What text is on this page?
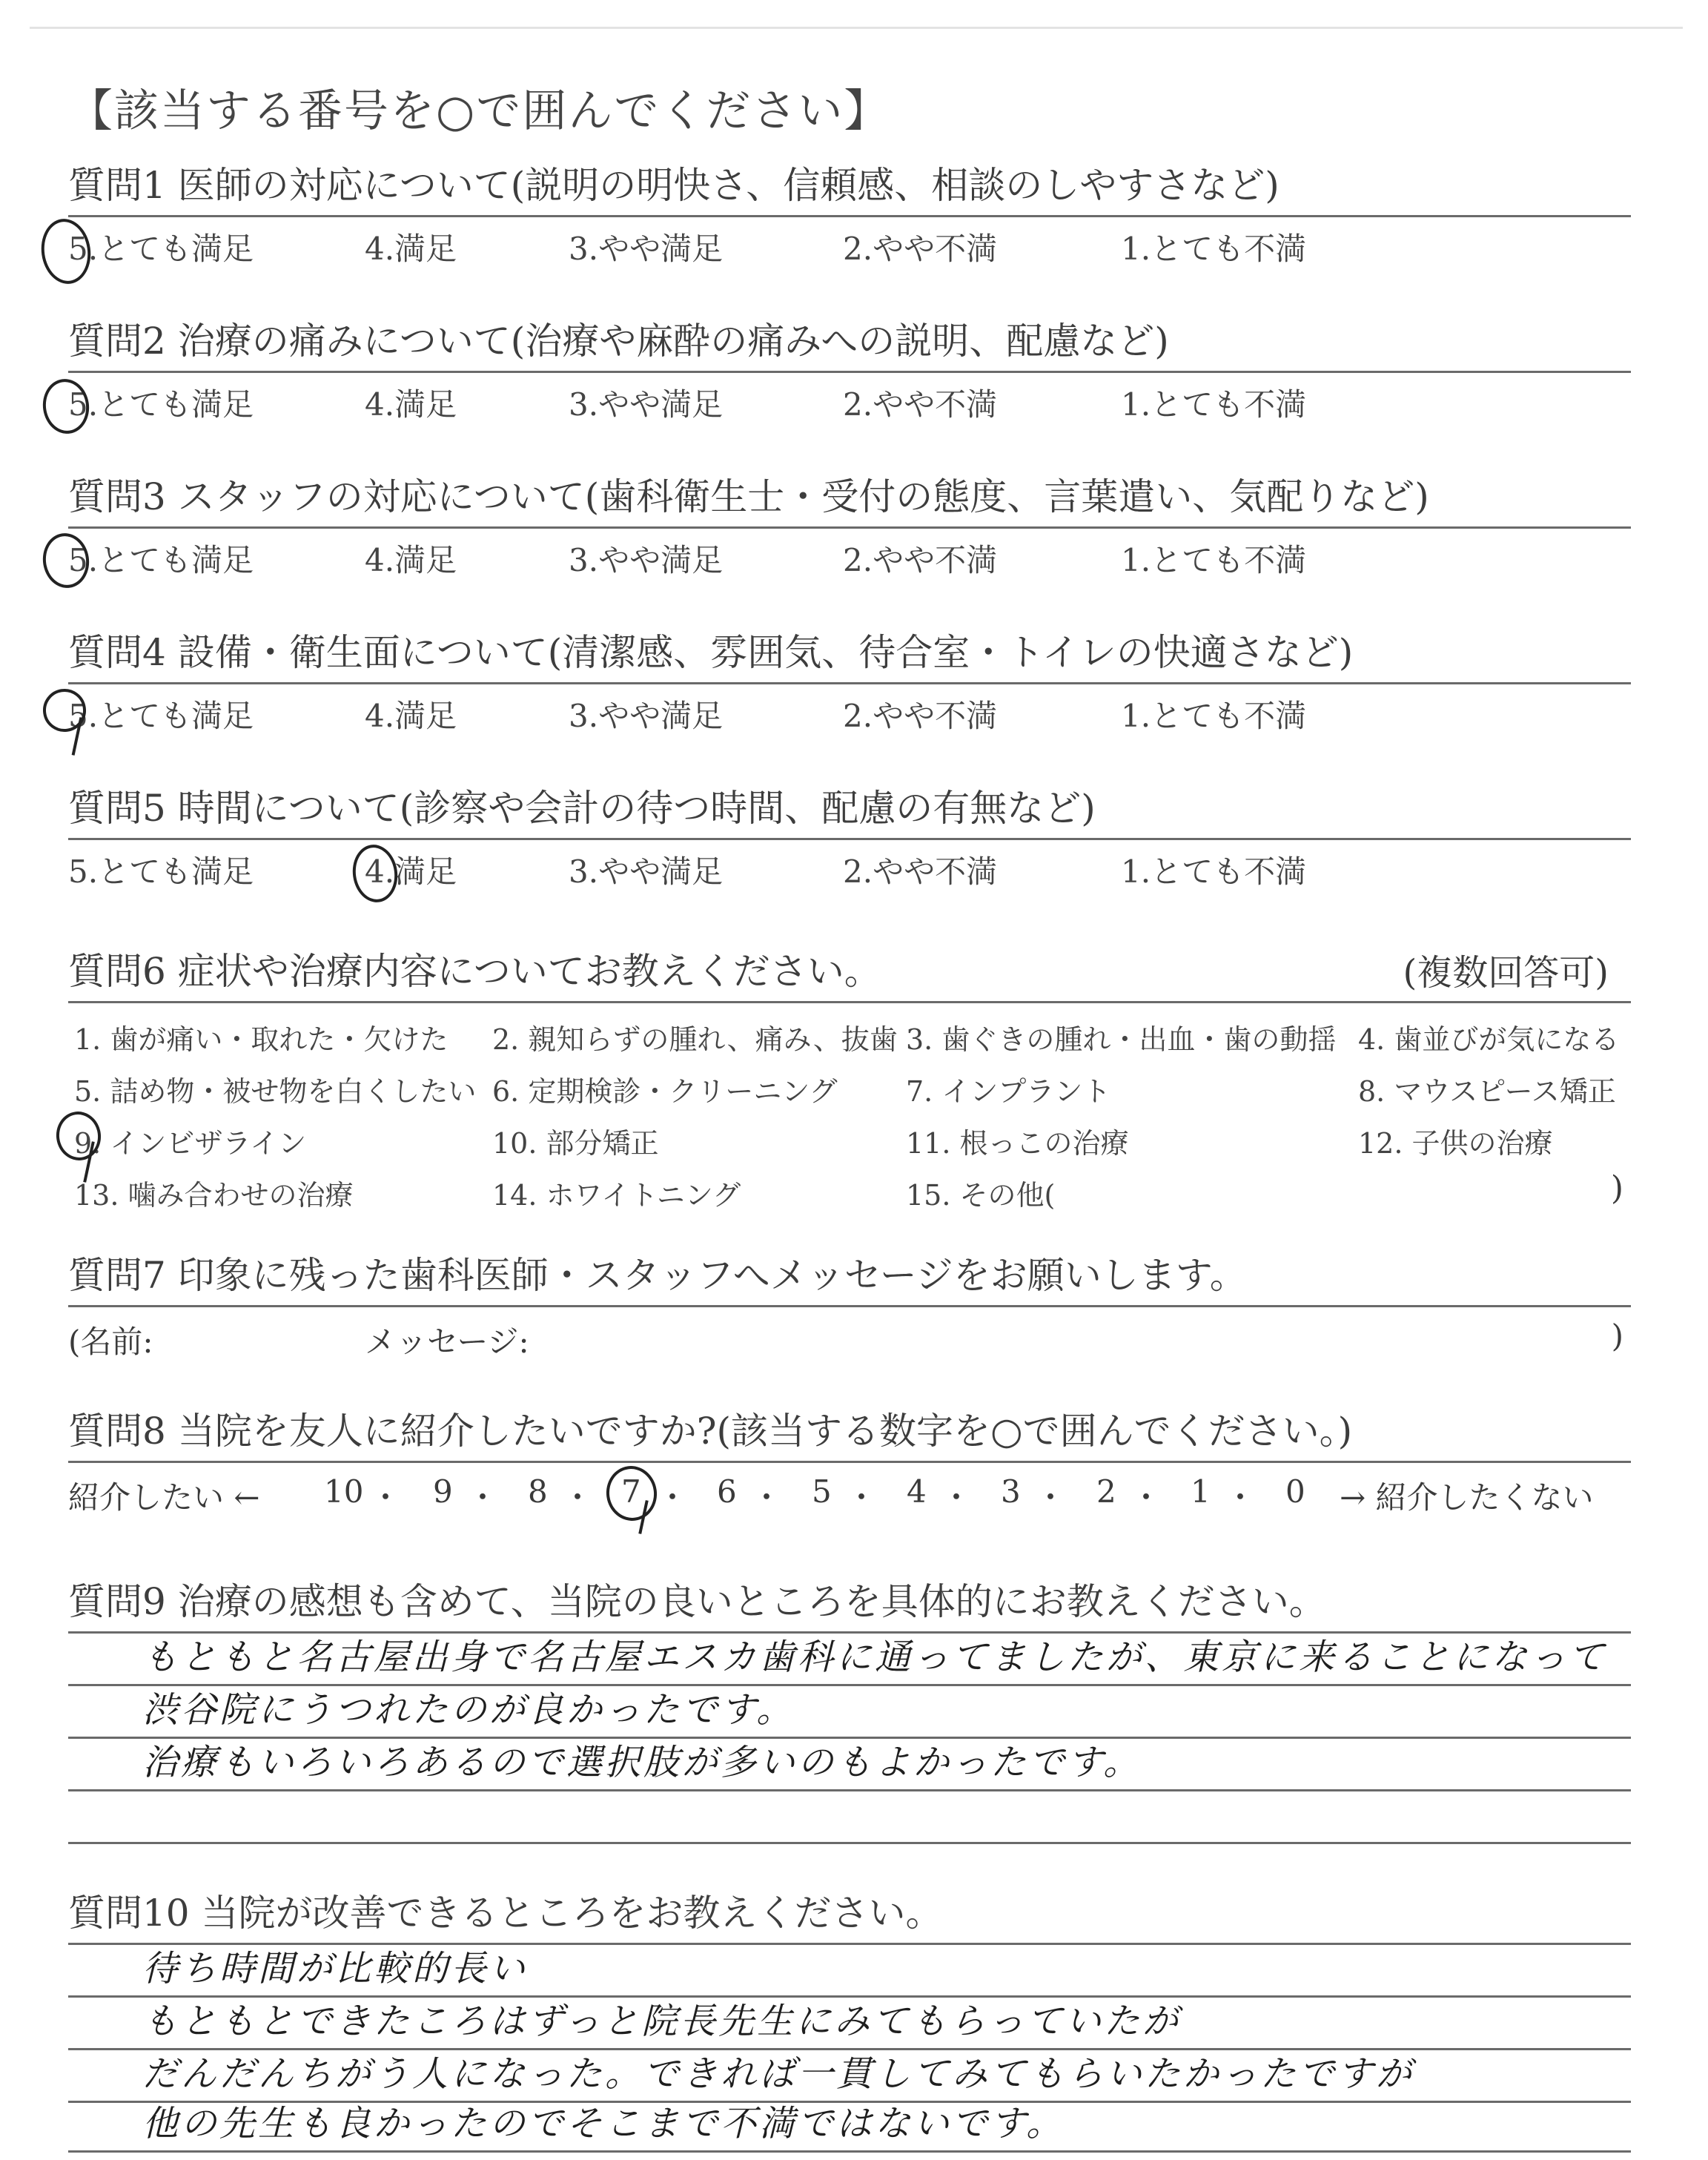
【該当する番号を○で囲んでください】
質問1 医師の対応について(説明の明快さ、信頼感、相談のしやすさなど)
5.とても満足	4.満足	3.やや満足	2.やや不満	1.とても不満
質問2 治療の痛みについて(治療や麻酔の痛みへの説明、配慮など)
5.とても満足	4.満足	3.やや満足	2.やや不満	1.とても不満
質問3 スタッフの対応について(歯科衛生士・受付の態度、言葉遣い、気配りなど)
5.とても満足	4.満足	3.やや満足	2.やや不満	1.とても不満
質問4 設備・衛生面について(清潔感、雰囲気、待合室・トイレの快適さなど)
5.とても満足	4.満足	3.やや満足	2.やや不満	1.とても不満
質問5 時間について(診察や会計の待つ時間、配慮の有無など)
5.とても満足	4.満足	3.やや満足	2.やや不満	1.とても不満
質問6 症状や治療内容についてお教えください。	(複数回答可)
1. 歯が痛い・取れた・欠けた 2. 親知らずの腫れ、痛み、抜歯 3. 歯ぐきの腫れ・出血・歯の動揺 4. 歯並びが気になる
5. 詰め物・被せ物を白くしたい 6. 定期検診・クリーニング 7. インプラント	8. マウスピース矯正
9. インビザライン	10. 部分矯正	11. 根っこの治療	12. 子供の治療
13. 噛み合わせの治療	14. ホワイトニング	15. その他(	)
質問7 印象に残った歯科医師・スタッフへメッセージをお願いします。
(名前:	メッセージ:	)
質問8 当院を友人に紹介したいですか?(該当する数字を○で囲んでください。)
紹介したい ← 10 ・ 9 ・ 8 ・ 7 ・ 6 ・ 5 ・ 4 ・ 3 ・ 2 ・ 1 ・ 0 → 紹介したくない
質問9 治療の感想も含めて、当院の良いところを具体的にお教えください。
もともと名古屋出身で名古屋エスカ歯科に通ってましたが、東京に来ることになって
渋谷院にうつれたのが良かったです。
治療もいろいろあるので選択肢が多いのもよかったです。
質問10 当院が改善できるところをお教えください。
待ち時間が比較的長い
もともとできたころはずっと院長先生にみてもらっていたが
だんだんちがう人になった。できれば一貫してみてもらいたかったですが
他の先生も良かったのでそこまで不満ではないです。
